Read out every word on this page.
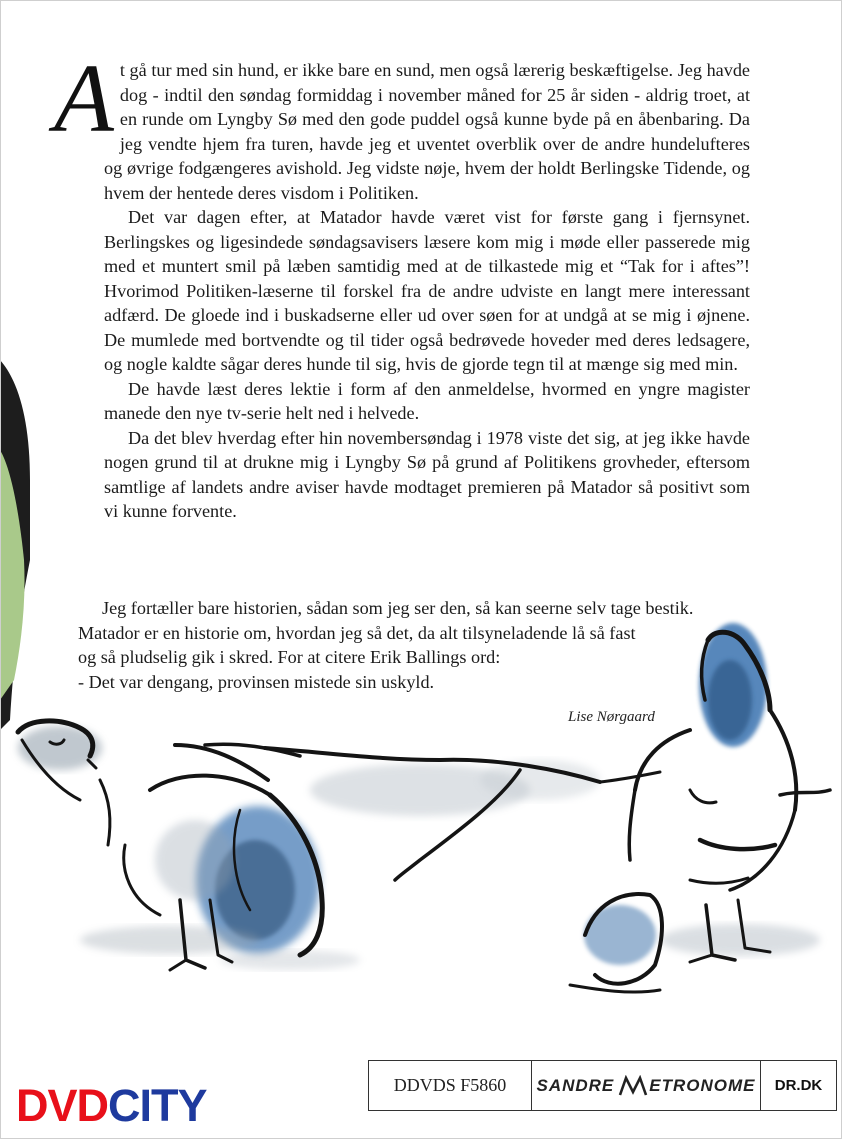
At gå tur med sin hund, er ikke bare en sund, men også lærerig beskæftigelse. Jeg havde dog - indtil den søndag formiddag i november måned for 25 år siden - aldrig troet, at en runde om Lyngby Sø med den gode puddel også kunne byde på en åbenbaring. Da jeg vendte hjem fra turen, havde jeg et uventet overblik over de andre hundelufteres og øvrige fodgængeres avishold. Jeg vidste nøje, hvem der holdt Berlingske Tidende, og hvem der hentede deres visdom i Politiken.

Det var dagen efter, at Matador havde været vist for første gang i fjernsynet. Berlingskes og ligesindede søndagsavisers læsere kom mig i møde eller passerede mig med et muntert smil på læben samtidig med at de tilkastede mig et “Tak for i aftes”! Hvorimod Politiken-læserne til forskel fra de andre udviste en langt mere interessant adfærd. De gloede ind i buskadserne eller ud over søen for at undgå at se mig i øjnene. De mumlede med bortvendte og til tider også bedrøvede hoveder med deres ledsagere, og nogle kaldte sågar deres hunde til sig, hvis de gjorde tegn til at mænge sig med min.

De havde læst deres lektie i form af den anmeldelse, hvormed en yngre magister manede den nye tv-serie helt ned i helvede.

Da det blev hverdag efter hin novembersøndag i 1978 viste det sig, at jeg ikke havde nogen grund til at drukne mig i Lyngby Sø på grund af Politikens grovheder, eftersom samtlige af landets andre aviser havde modtaget premieren på Matador så positivt som vi kunne forvente.

Jeg fortæller bare historien, sådan som jeg ser den, så kan seerne selv tage bestik.

Matador er en historie om, hvordan jeg så det, da alt tilsyneladende lå så fast

og så pludselig gik i skred. For at citere Erik Ballings ord:

- Det var dengang, provinsen mistede sin uskyld.

Lise Nørgaard
DDVDS F5860	SANDRE ETRONOME	DR.DK
DVDCITY
